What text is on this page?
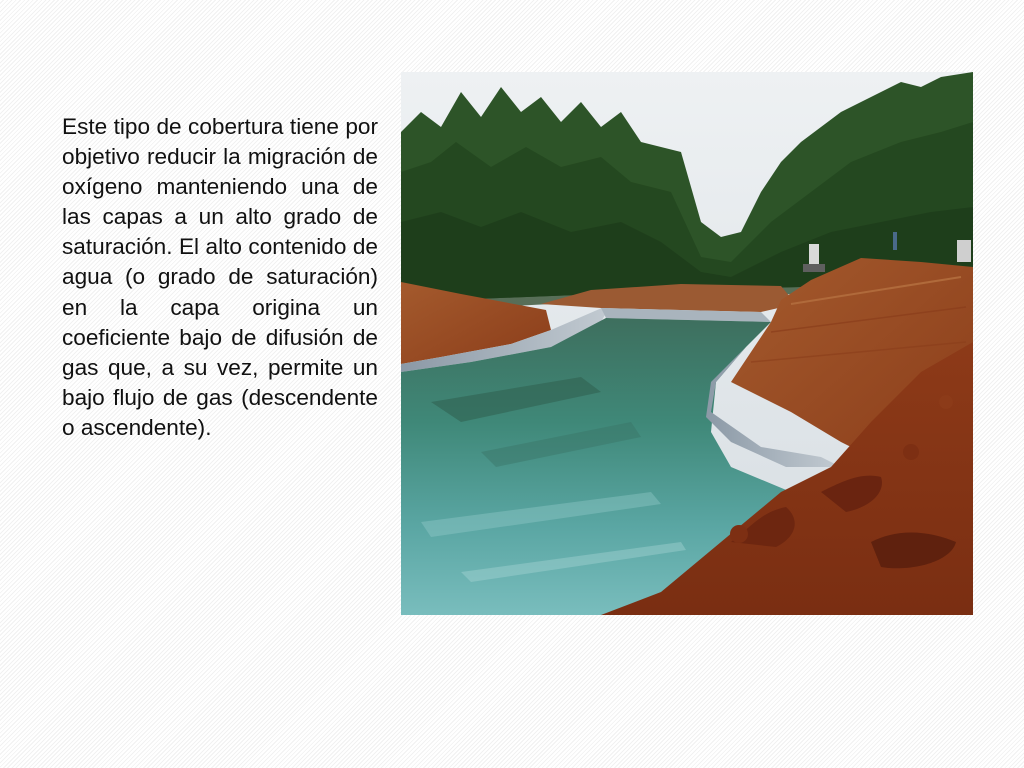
Este tipo de cobertura tiene por objetivo reducir la migración de oxígeno manteniendo una de las capas a un alto grado de saturación. El alto contenido de agua (o grado de saturación) en la capa origina un coeficiente bajo de difusión de gas que, a su vez, permite un bajo flujo de gas (descendente o ascendente).
